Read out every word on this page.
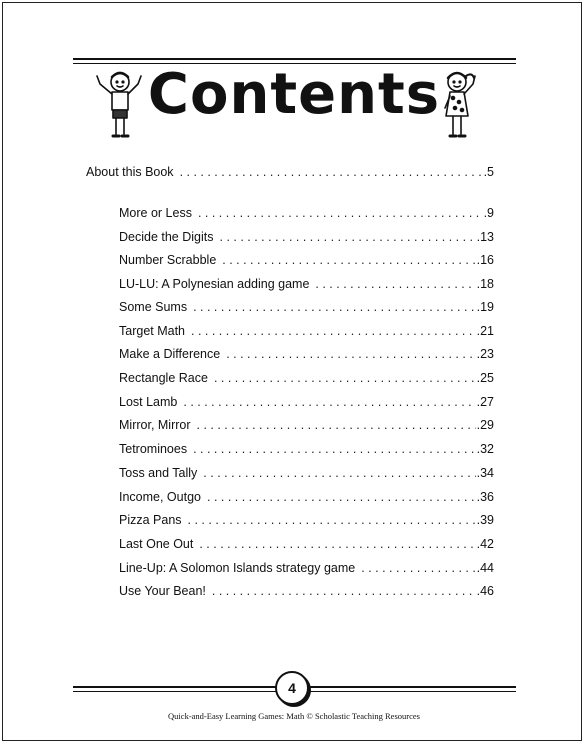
Contents
About this Book . . .	.5
More or Less . . .	.9
Decide the Digits . . .	.13
Number Scrabble . . .	.16
LU-LU: A Polynesian adding game . . .	.18
Some Sums . . .	.19
Target Math . . .	.21
Make a Difference . . .	.23
Rectangle Race . . .	.25
Lost Lamb . . .	.27
Mirror, Mirror . . .	.29
Tetrominoes . . .	.32
Toss and Tally . . .	.34
Income, Outgo . . .	.36
Pizza Pans . . .	.39
Last One Out . . .	.42
Line-Up: A Solomon Islands strategy game . . .	.44
Use Your Bean! . . .	.46
4
Quick-and-Easy Learning Games: Math © Scholastic Teaching Resources
